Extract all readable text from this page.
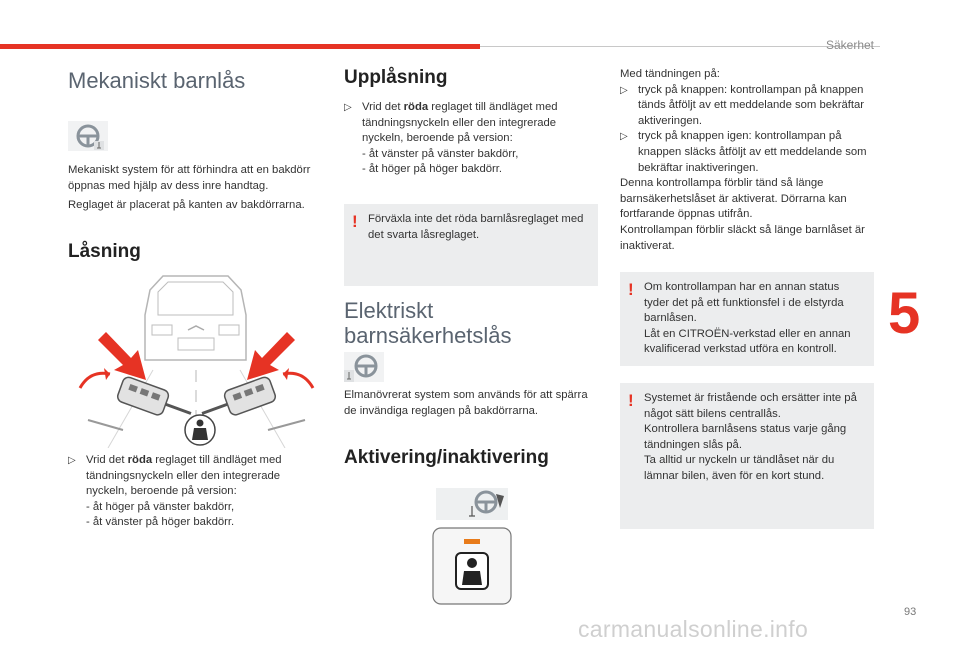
Säkerhet
5
93
carmanualsonline.info
Mekaniskt barnlås

Mekaniskt system för att förhindra att en bakdörr öppnas med hjälp av dess inre handtag.

Reglaget är placerat på kanten av bakdörrarna.

Låsning
▷ Vrid det röda reglaget till ändläget med tändningsnyckeln eller den integrerade nyckeln, beroende på version:
- åt höger på vänster bakdörr,
- åt vänster på höger bakdörr.
Upplåsning
▷ Vrid det röda reglaget till ändläget med tändningsnyckeln eller den integrerade nyckeln, beroende på version:
- åt vänster på vänster bakdörr,
- åt höger på höger bakdörr.
! Förväxla inte det röda barnlåsreglaget med det svarta låsreglaget.
Elektriskt
barnsäkerhetslås
Elmanövrerat system som används för att spärra de invändiga reglagen på bakdörrarna.
Aktivering/inaktivering

Med tändningen på:

▷ tryck på knappen: kontrollampan på knappen tänds åtföljt av ett meddelande som bekräftar aktiveringen.
▷ tryck på knappen igen: kontrollampan på knappen släcks åtföljt av ett meddelande som bekräftar inaktiveringen.

Denna kontrollampa förblir tänd så länge barnsäkerhetslåset är aktiverat. Dörrarna kan fortfarande öppnas utifrån.

Kontrollampan förblir släckt så länge barnlåset är inaktiverat.

! Om kontrollampan har en annan status tyder det på ett funktionsfel i de elstyrda barnlåsen.

Låt en CITROËN-verkstad eller en annan kvalificerad verkstad utföra en kontroll.

! Systemet är fristående och ersätter inte på något sätt bilens centrallås.

Kontrollera barnlåsens status varje gång tändningen slås på.

Ta alltid ur nyckeln ur tändlåset när du lämnar bilen, även för en kort stund.
